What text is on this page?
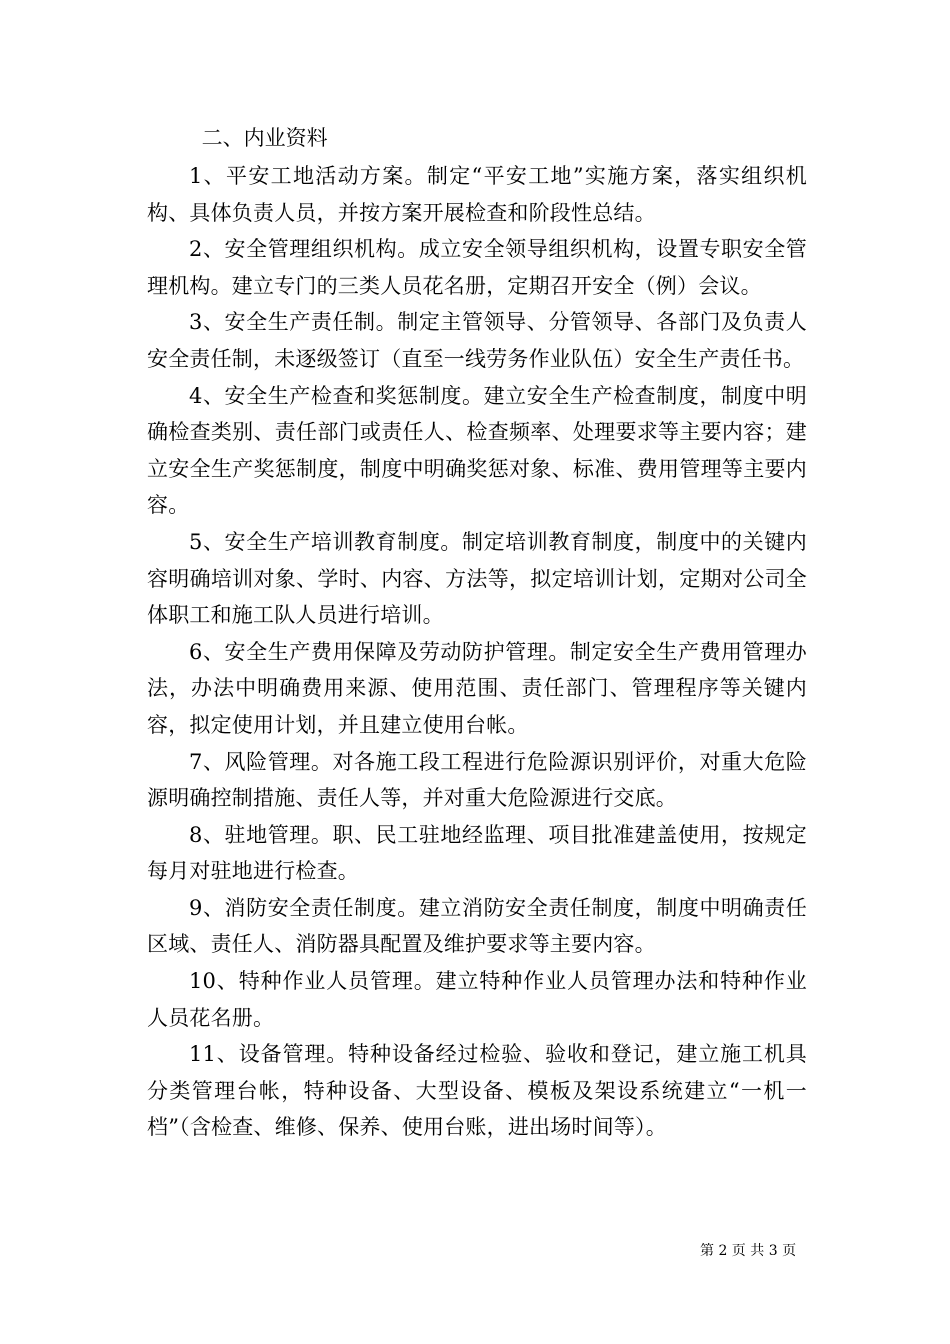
二、内业资料

1、平安工地活动方案。制定“平安工地”实施方案，落实组织机构、具体负责人员，并按方案开展检查和阶段性总结。

2、安全管理组织机构。成立安全领导组织机构，设置专职安全管理机构。建立专门的三类人员花名册，定期召开安全（例）会议。

3、安全生产责任制。制定主管领导、分管领导、各部门及负责人安全责任制，未逐级签订（直至一线劳务作业队伍）安全生产责任书。

4、安全生产检查和奖惩制度。建立安全生产检查制度，制度中明确检查类别、责任部门或责任人、检查频率、处理要求等主要内容；建立安全生产奖惩制度，制度中明确奖惩对象、标准、费用管理等主要内容。

5、安全生产培训教育制度。制定培训教育制度，制度中的关键内容明确培训对象、学时、内容、方法等，拟定培训计划，定期对公司全体职工和施工队人员进行培训。

6、安全生产费用保障及劳动防护管理。制定安全生产费用管理办法，办法中明确费用来源、使用范围、责任部门、管理程序等关键内容，拟定使用计划，并且建立使用台帐。

7、风险管理。对各施工段工程进行危险源识别评价，对重大危险源明确控制措施、责任人等，并对重大危险源进行交底。

8、驻地管理。职、民工驻地经监理、项目批准建盖使用，按规定每月对驻地进行检查。

9、消防安全责任制度。建立消防安全责任制度，制度中明确责任区域、责任人、消防器具配置及维护要求等主要内容。

10、特种作业人员管理。建立特种作业人员管理办法和特种作业人员花名册。

11、设备管理。特种设备经过检验、验收和登记，建立施工机具分类管理台帐，特种设备、大型设备、模板及架设系统建立“一机一档”（含检查、维修、保养、使用台账，进出场时间等）。

第 2 页 共 3 页
